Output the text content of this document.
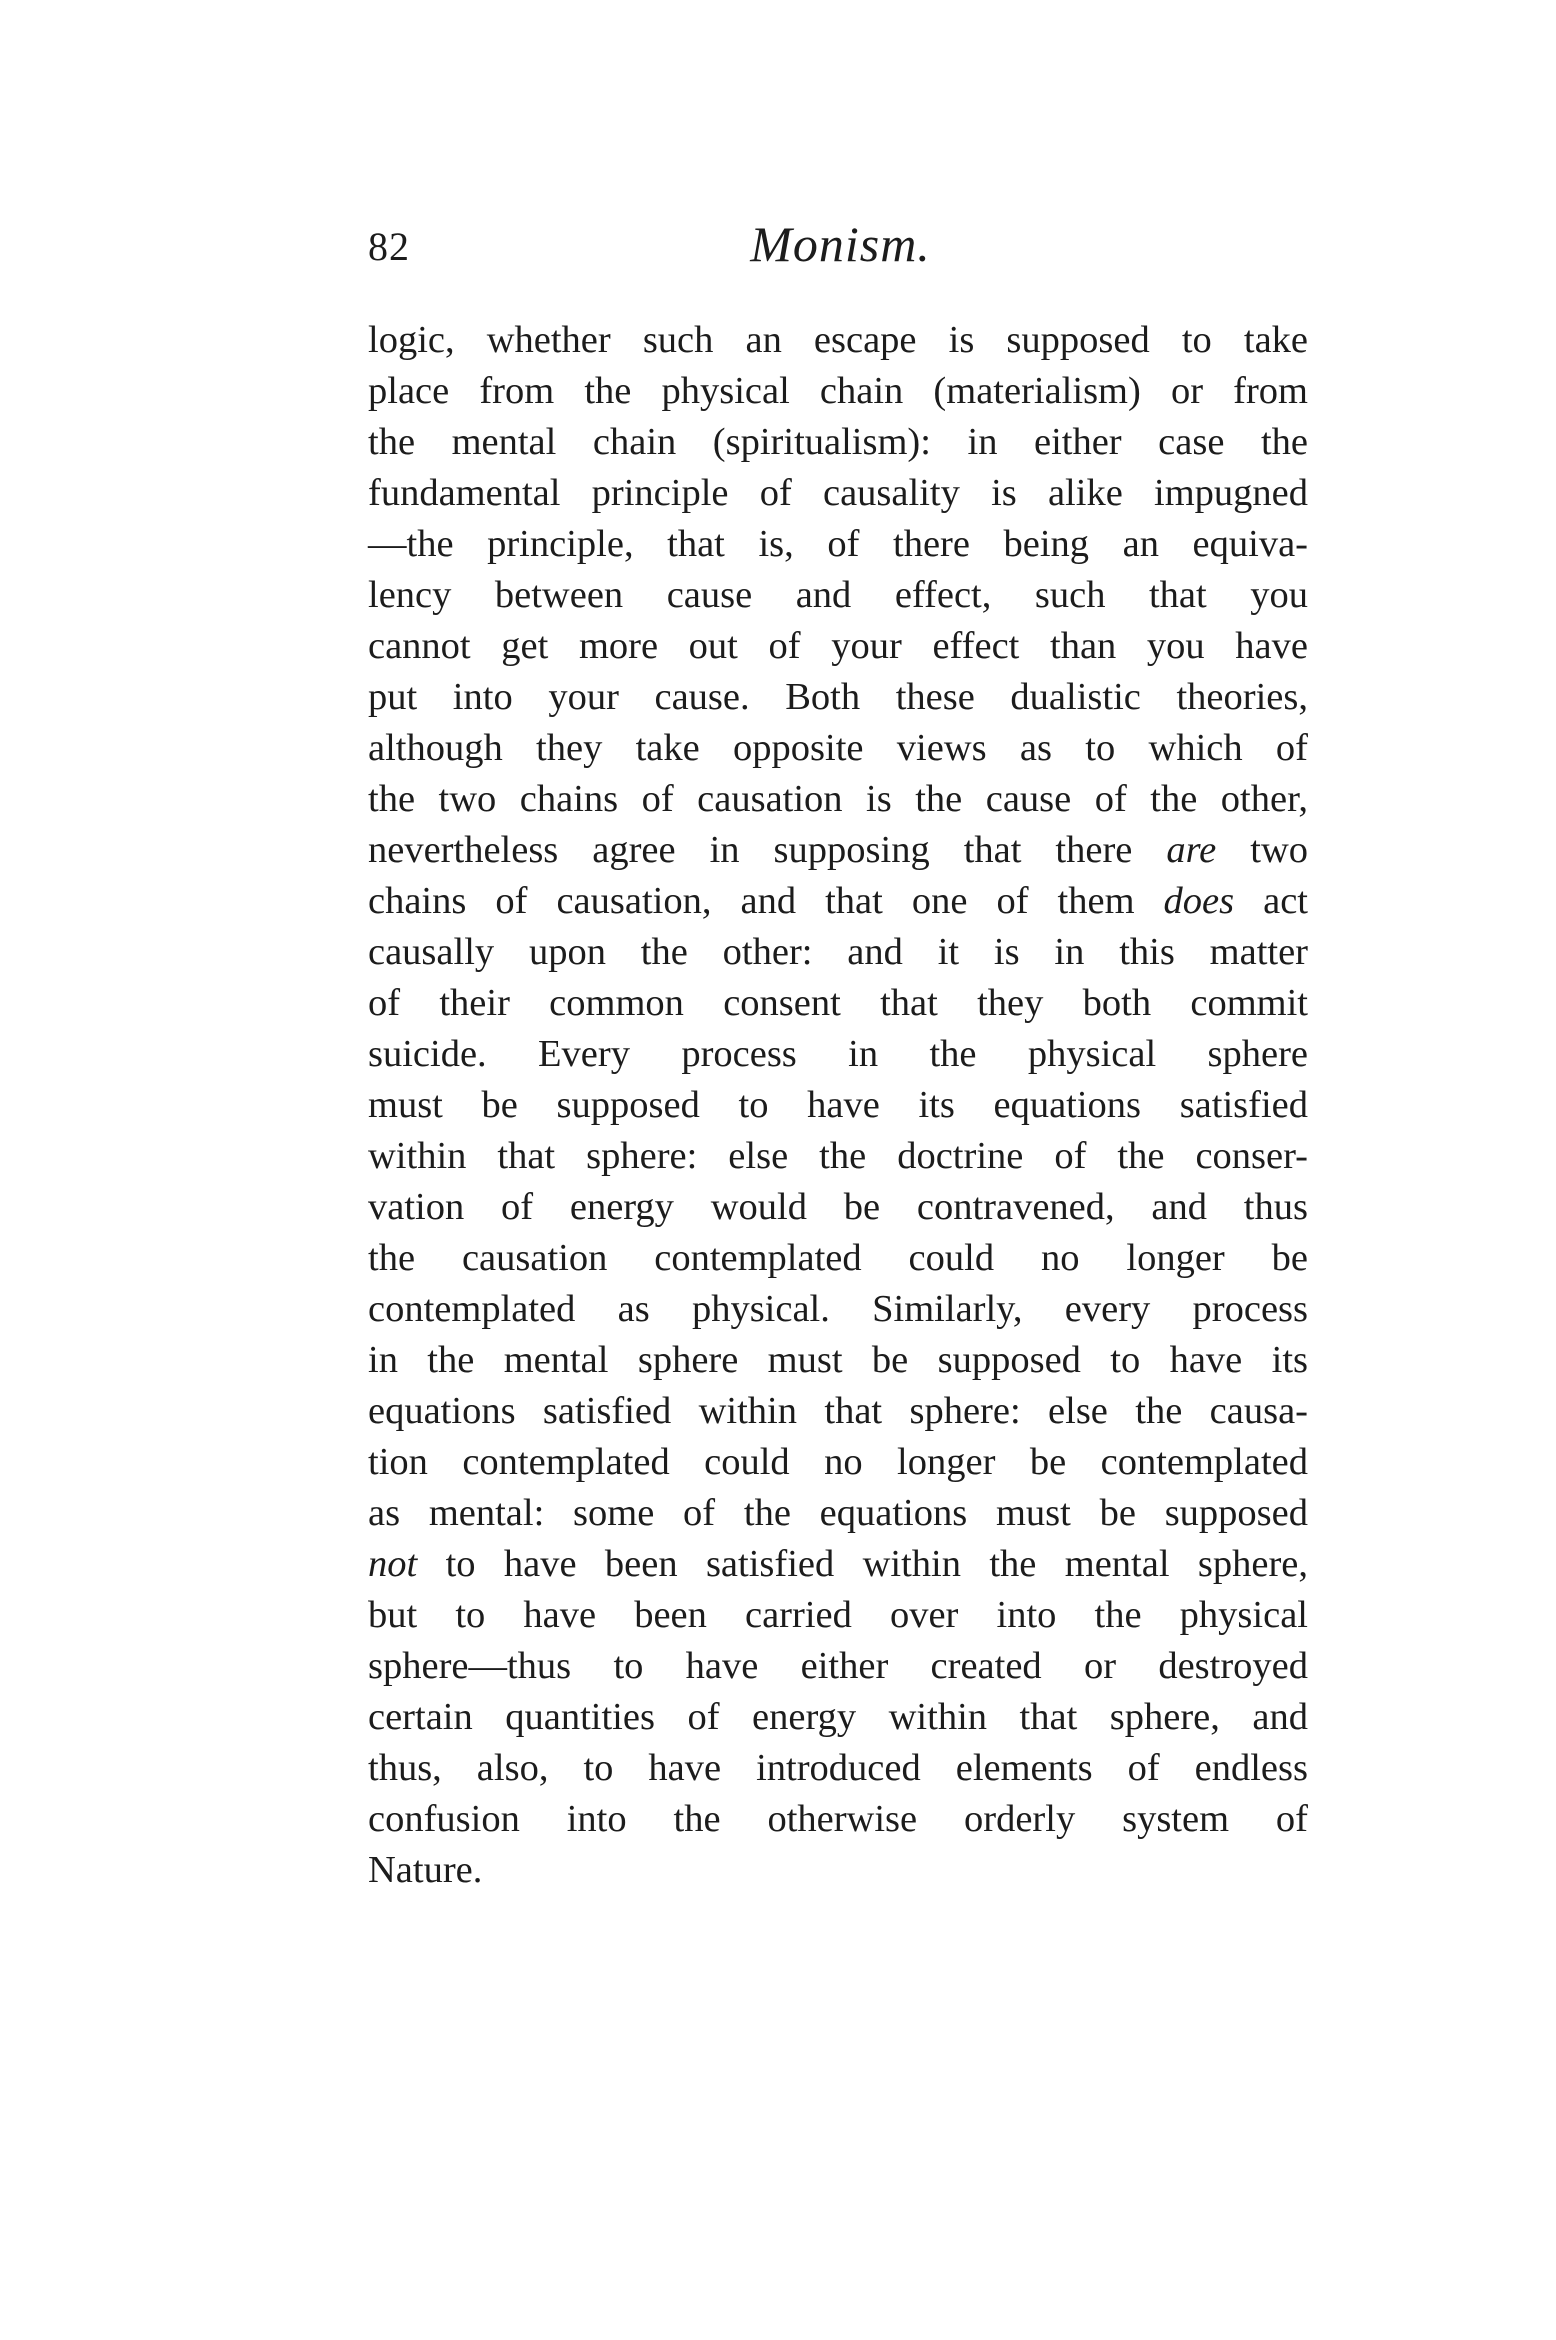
82	Monism.
logic, whether such an escape is supposed to take
place from the physical chain (materialism) or from
the mental chain (spiritualism): in either case the
fundamental principle of causality is alike impugned
—the principle, that is, of there being an equiva-
lency between cause and effect, such that you
cannot get more out of your effect than you have
put into your cause. Both these dualistic theories,
although they take opposite views as to which of
the two chains of causation is the cause of the other,
nevertheless agree in supposing that there are two
chains of causation, and that one of them does act
causally upon the other: and it is in this matter
of their common consent that they both commit
suicide. Every process in the physical sphere
must be supposed to have its equations satisfied
within that sphere: else the doctrine of the conser-
vation of energy would be contravened, and thus
the causation contemplated could no longer be
contemplated as physical. Similarly, every process
in the mental sphere must be supposed to have its
equations satisfied within that sphere: else the causa-
tion contemplated could no longer be contemplated
as mental: some of the equations must be supposed
not to have been satisfied within the mental sphere,
but to have been carried over into the physical
sphere—thus to have either created or destroyed
certain quantities of energy within that sphere, and
thus, also, to have introduced elements of endless
confusion into the otherwise orderly system of
Nature.
